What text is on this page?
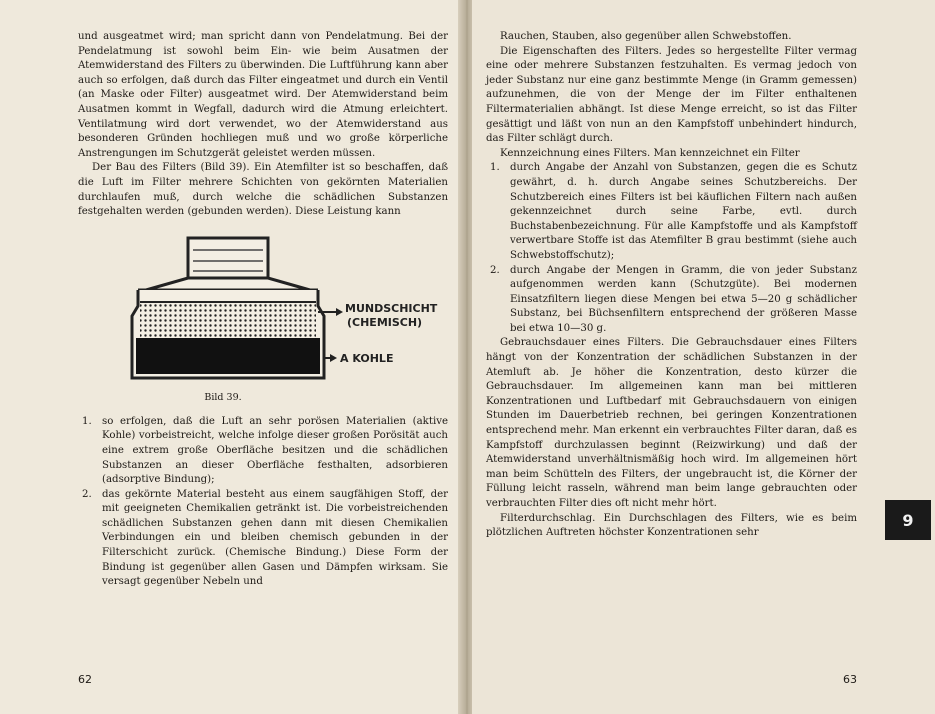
und ausgeatmet wird; man spricht dann von Pendelatmung. Bei der Pendelatmung ist sowohl beim Ein- wie beim Ausatmen der Atemwiderstand des Filters zu überwinden. Die Luftführung kann aber auch so erfolgen, daß durch das Filter eingeatmet und durch ein Ventil (an Maske oder Filter) ausgeatmet wird. Der Atemwiderstand beim Ausatmen kommt in Wegfall, dadurch wird die Atmung erleichtert. Ventilatmung wird dort verwendet, wo der Atemwiderstand aus besonderen Gründen hochliegen muß und wo große körperliche Anstrengungen im Schutzgerät geleistet werden müssen.

Der Bau des Filters (Bild 39). Ein Atemfilter ist so beschaffen, daß die Luft im Filter mehrere Schichten von gekörnten Materialien durchlaufen muß, durch welche die schädlichen Substanzen festgehalten werden (gebunden werden). Diese Leistung kann

MUNDSCHICHT
(CHEMISCH)
A KOHLE
Bild 39.
1. so erfolgen, daß die Luft an sehr porösen Materialien (aktive Kohle) vorbeistreicht, welche infolge dieser großen Porösität auch eine extrem große Oberfläche besitzen und die schädlichen Substanzen an dieser Oberfläche festhalten, adsorbieren (adsorptive Bindung);
2. das gekörnte Material besteht aus einem saugfähigen Stoff, der mit geeigneten Chemikalien getränkt ist. Die vorbeistreichenden schädlichen Substanzen gehen dann mit diesen Chemikalien Verbindungen ein und bleiben chemisch gebunden in der Filterschicht zurück. (Chemische Bindung.) Diese Form der Bindung ist gegenüber allen Gasen und Dämpfen wirksam. Sie versagt gegenüber Nebeln und
62

Rauchen, Stauben, also gegenüber allen Schwebstoffen.

Die Eigenschaften des Filters. Jedes so hergestellte Filter vermag eine oder mehrere Substanzen festzuhalten. Es vermag jedoch von jeder Substanz nur eine ganz bestimmte Menge (in Gramm gemessen) aufzunehmen, die von der Menge der im Filter enthaltenen Filtermaterialien abhängt. Ist diese Menge erreicht, so ist das Filter gesättigt und läßt von nun an den Kampfstoff unbehindert hindurch, das Filter schlägt durch.

Kennzeichnung eines Filters. Man kennzeichnet ein Filter

1. durch Angabe der Anzahl von Substanzen, gegen die es Schutz gewährt, d. h. durch Angabe seines Schutzbereichs. Der Schutzbereich eines Filters ist bei käuflichen Filtern nach außen gekennzeichnet durch seine Farbe, evtl. durch Buchstabenbezeichnung. Für alle Kampfstoffe und als Kampfstoff verwertbare Stoffe ist das Atemfilter B grau bestimmt (siehe auch Schwebstoffschutz);
2. durch Angabe der Mengen in Gramm, die von jeder Substanz aufgenommen werden kann (Schutzgüte). Bei modernen Einsatzfiltern liegen diese Mengen bei etwa 5—20 g schädlicher Substanz, bei Büchsenfiltern entsprechend der größeren Masse bei etwa 10—30 g.

Gebrauchsdauer eines Filters. Die Gebrauchsdauer eines Filters hängt von der Konzentration der schädlichen Substanzen in der Atemluft ab. Je höher die Konzentration, desto kürzer die Gebrauchsdauer. Im allgemeinen kann man bei mittleren Konzentrationen und Luftbedarf mit Gebrauchsdauern von einigen Stunden im Dauerbetrieb rechnen, bei geringen Konzentrationen entsprechend mehr. Man erkennt ein verbrauchtes Filter daran, daß es Kampfstoff durchzulassen beginnt (Reizwirkung) und daß der Atemwiderstand unverhältnismäßig hoch wird. Im allgemeinen hört man beim Schütteln des Filters, der ungebraucht ist, die Körner der Füllung leicht rasseln, während man beim lange gebrauchten oder verbrauchten Filter dies oft nicht mehr hört.

Filterdurchschlag. Ein Durchschlagen des Filters, wie es beim plötzlichen Auftreten höchster Konzentrationen sehr

63
9
